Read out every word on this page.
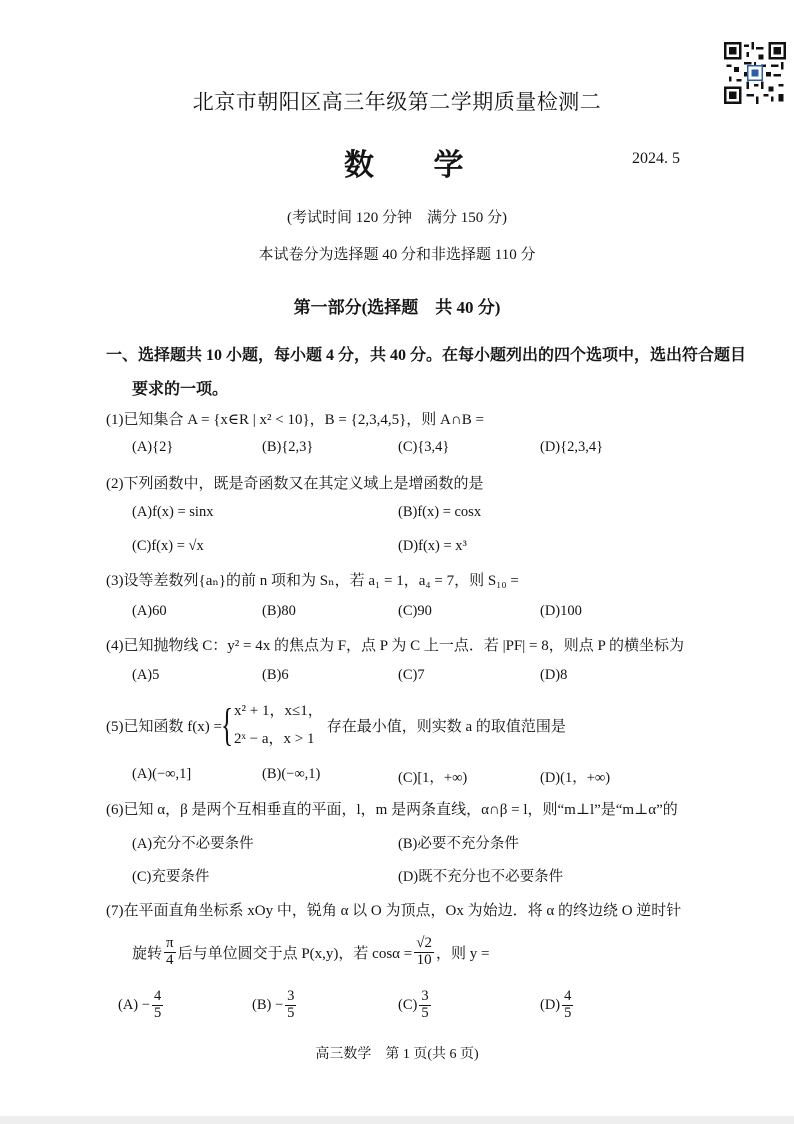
北京市朝阳区高三年级第二学期质量检测二
数 学	2024. 5
(考试时间 120 分钟　满分 150 分)
本试卷分为选择题 40 分和非选择题 110 分
第一部分(选择题　共 40 分)
一、选择题共 10 小题，每小题 4 分，共 40 分。在每小题列出的四个选项中，选出符合题目
要求的一项。
(1)已知集合 A = {x∈R | x² < 10}，B = {2,3,4,5}，则 A∩B =
(A){2}	(B){2,3}	(C){3,4}	(D){2,3,4}
(2)下列函数中，既是奇函数又在其定义域上是增函数的是
(A)f(x) = sinx	(B)f(x) = cosx
(C)f(x) = √x	(D)f(x) = x³
(3)设等差数列{aₙ}的前 n 项和为 Sₙ，若 a₁ = 1，a₄ = 7，则 S₁₀ =
(A)60	(B)80	(C)90	(D)100
(4)已知抛物线 C：y² = 4x 的焦点为 F，点 P 为 C 上一点．若 |PF| = 8，则点 P 的横坐标为
(A)5	(B)6	(C)7	(D)8
(5)已知函数 f(x) =
{ x² + 1，x≤1，
2ˣ − a，x > 1
存在最小值，则实数 a 的取值范围是
(A)(−∞,1]	(B)(−∞,1)	(C)[1，+∞)	(D)(1，+∞)
(6)已知 α，β 是两个互相垂直的平面，l，m 是两条直线，α∩β = l，则“m⊥l”是“m⊥α”的
(A)充分不必要条件	(B)必要不充分条件
(C)充要条件	(D)既不充分也不必要条件
(7)在平面直角坐标系 xOy 中，锐角 α 以 O 为顶点，Ox 为始边．将 α 的终边绕 O 逆时针
旋转 $\frac{\pi}{4}$ 后与单位圆交于点 P(x,y)，若 $\cos\alpha = \frac{√2}{10}$ ，则 y =
$(A) - \frac{4}{5}$	$(B) - \frac{3}{5}$	$(C) \frac{3}{5}$	$(D) \frac{4}{5}$
高三数学　第 1 页(共 6 页)
